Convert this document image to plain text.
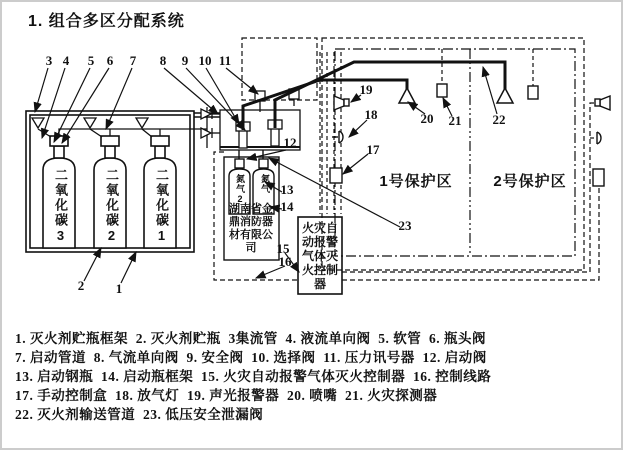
1. 组合多区分配系统
3 4	5 6	7	8	9 10 11
1
2
12
13
14
15
16
17
18
19
20 21 22
23
1号保护区	2号保护区
二氧化碳3	二氧化碳2	二氧化碳1	氮气2 氮气
湖南省金鼎消防器材有限公司
火灾自动报警气体灭火控制器
1. 灭火剂贮瓶框架  2. 灭火剂贮瓶  3集流管  4. 液流单向阀  5. 软管  6. 瓶头阀
7. 启动管道  8. 气流单向阀  9. 安全阀  10. 选择阀  11. 压力讯号器  12. 启动阀
13. 启动钢瓶  14. 启动瓶框架  15. 火灾自动报警气体灭火控制器  16. 控制线路
17. 手动控制盒  18. 放气灯  19. 声光报警器  20. 喷嘴  21. 火灾探测器
22. 灭火剂输送管道  23. 低压安全泄漏阀
